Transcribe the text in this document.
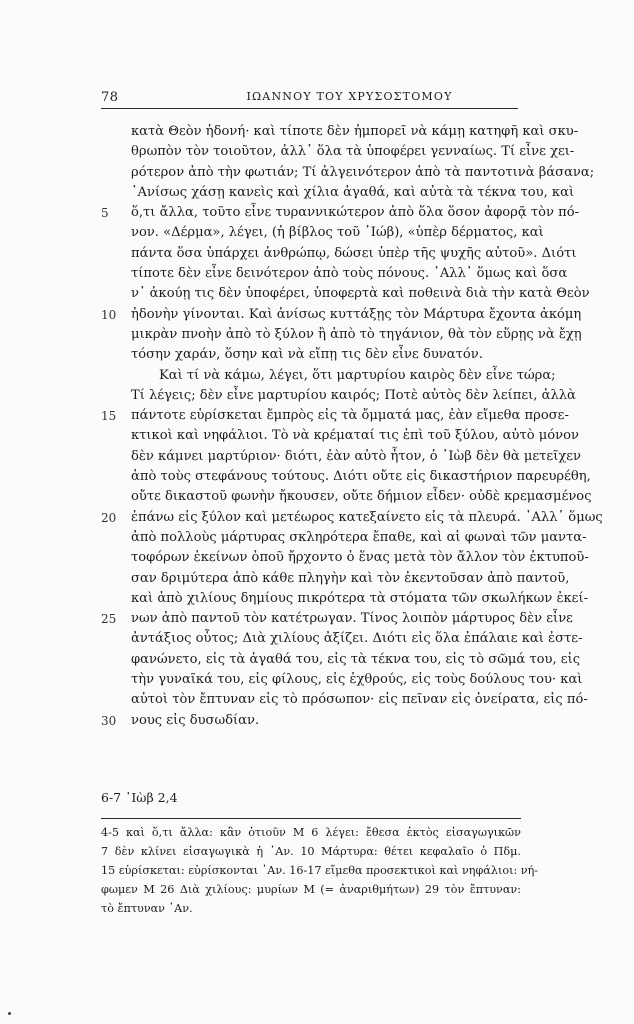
78	ΙΩΑΝΝΟΥ ΤΟΥ ΧΡΥΣΟΣΤΟΜΟΥ
κατὰ Θεὸν ἡδονή· καὶ τίποτε δὲν ἠμπορεῖ νὰ κάμῃ κατηφῆ καὶ σκυ-
θρωπὸν τὸν τοιοῦτον, ἀλλ᾽ ὅλα τὰ ὑποφέρει γενναίως. Τί εἶνε χει-
ρότερον ἀπὸ τὴν φωτιάν; Τί ἀλγεινότερον ἀπὸ τὰ παντοτινὰ βάσανα;
᾽Ανίσως χάσῃ κανεὶς καὶ χίλια ἀγαθά, καὶ αὐτὰ τὰ τέκνα του, καὶ
5 ὅ,τι ἄλλα, τοῦτο εἶνε τυραννικώτερον ἀπὸ ὅλα ὅσον ἀφορᾷ τὸν πό-
νον. «Δέρμα», λέγει, (ἡ βίβλος τοῦ ᾽Ιώβ), «ὑπὲρ δέρματος, καὶ
πάντα ὅσα ὑπάρχει ἀνθρώπῳ, δώσει ὑπὲρ τῆς ψυχῆς αὐτοῦ». Διότι
τίποτε δὲν εἶνε δεινότερον ἀπὸ τοὺς πόνους. ᾽Αλλ᾽ ὅμως καὶ ὅσα
ν᾽ ἀκούῃ τις δὲν ὑποφέρει, ὑποφερτὰ καὶ ποθεινὰ διὰ τὴν κατὰ Θεὸν
10 ἡδονὴν γίνονται. Καὶ ἀνίσως κυττάξῃς τὸν Μάρτυρα ἔχοντα ἀκόμη
μικρὰν πνοὴν ἀπὸ τὸ ξύλον ἢ ἀπὸ τὸ τηγάνιον, θὰ τὸν εὕρῃς νὰ ἔχῃ
τόσην χαράν, ὅσην καὶ νὰ εἴπῃ τις δὲν εἶνε δυνατόν.
Καὶ τί νὰ κάμω, λέγει, ὅτι μαρτυρίου καιρὸς δὲν εἶνε τώρα;
Τί λέγεις; δὲν εἶνε μαρτυρίου καιρός; Ποτὲ αὐτὸς δὲν λείπει, ἀλλὰ
15 πάντοτε εὑρίσκεται ἔμπρὸς εἰς τὰ ὄμματά μας, ἐὰν εἴμεθα προσε-
κτικοὶ καὶ νηφάλιοι. Τὸ νὰ κρέματαί τις ἐπὶ τοῦ ξύλου, αὐτὸ μόνον
δὲν κάμνει μαρτύριον· διότι, ἐὰν αὐτὸ ἦτον, ὁ ᾽Ιὼβ δὲν θὰ μετεῖχεν
ἀπὸ τοὺς στεφάνους τούτους. Διότι οὔτε εἰς δικαστήριον παρευρέθη,
οὔτε δικαστοῦ φωνὴν ἤκουσεν, οὔτε δήμιον εἶδεν· οὐδὲ κρεμασμένος
20 ἐπάνω εἰς ξύλον καὶ μετέωρος κατεξαίνετο εἰς τὰ πλευρά. ᾽Αλλ᾽ ὅμως
ἀπὸ πολλοὺς μάρτυρας σκληρότερα ἔπαθε, καὶ αἱ φωναὶ τῶν μαντα-
τοφόρων ἐκείνων ὁποῦ ἤρχοντο ὁ ἕνας μετὰ τὸν ἄλλον τὸν ἐκτυποῦ-
σαν δριμύτερα ἀπὸ κάθε πληγὴν καὶ τὸν ἐκεντοῦσαν ἀπὸ παντοῦ,
καὶ ἀπὸ χιλίους δημίους πικρότερα τὰ στόματα τῶν σκωλήκων ἐκεί-
25 νων ἀπὸ παντοῦ τὸν κατέτρωγαν. Τίνος λοιπὸν μάρτυρος δὲν εἶνε
ἀντάξιος οὗτος; Διὰ χιλίους ἀξίζει. Διότι εἰς ὅλα ἐπάλαιε καὶ ἐστε-
φανώνετο, εἰς τὰ ἀγαθά του, εἰς τὰ τέκνα του, εἰς τὸ σῶμά του, εἰς
τὴν γυναῖκά του, εἰς φίλους, εἰς ἐχθρούς, εἰς τοὺς δούλους του· καὶ
αὐτοὶ τὸν ἔπτυναν εἰς τὸ πρόσωπον· εἰς πεῖναν εἰς ὀνείρατα, εἰς πό-
30 νους εἰς δυσωδίαν.
6-7 ᾽Ιὼβ 2,4
4-5 καὶ ὅ,τι ἄλλα: κἂν ὁτιοῦν Μ 6 λέγει: ἔθεσα ἐκτὸς εἰσαγωγικῶν
7 δὲν κλίνει εἰσαγωγικὰ ἡ ᾽Αν. 10 Μάρτυρα: θέτει κεφαλαῖο ὁ Πδμ.
15 εὑρίσκεται: εὑρίσκονται ᾽Αν. 16-17 εἴμεθα προσεκτικοὶ καὶ νηφάλιοι: νή-
φωμεν Μ 26 Διὰ χιλίους: μυρίων Μ (= ἀναριθμήτων) 29 τὸν ἔπτυναν:
τὸ ἔπτυναν ᾽Αν.
